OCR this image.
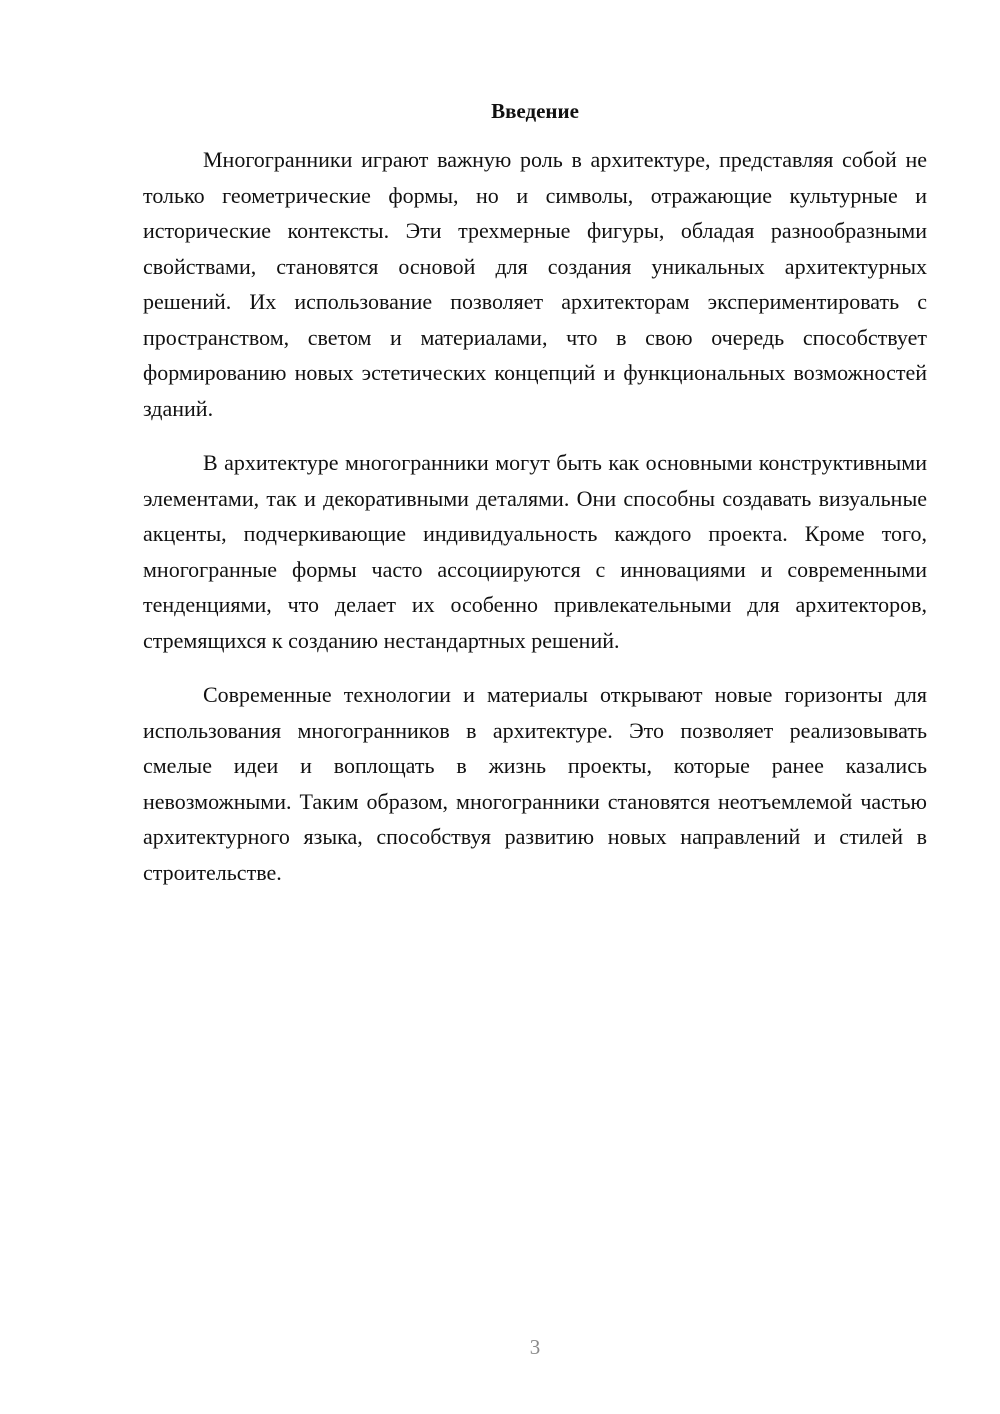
Введение

Многогранники играют важную роль в архитектуре, представляя собой не только геометрические формы, но и символы, отражающие культурные и исторические контексты. Эти трехмерные фигуры, обладая разнообразными свойствами, становятся основой для создания уникальных архитектурных решений. Их использование позволяет архитекторам экспериментировать с пространством, светом и материалами, что в свою очередь способствует формированию новых эстетических концепций и функциональных возможностей зданий.

В архитектуре многогранники могут быть как основными конструктивными элементами, так и декоративными деталями. Они способны создавать визуальные акценты, подчеркивающие индивидуальность каждого проекта. Кроме того, многогранные формы часто ассоциируются с инновациями и современными тенденциями, что делает их особенно привлекательными для архитекторов, стремящихся к созданию нестандартных решений.

Современные технологии и материалы открывают новые горизонты для использования многогранников в архитектуре. Это позволяет реализовывать смелые идеи и воплощать в жизнь проекты, которые ранее казались невозможными. Таким образом, многогранники становятся неотъемлемой частью архитектурного языка, способствуя развитию новых направлений и стилей в строительстве.

3
